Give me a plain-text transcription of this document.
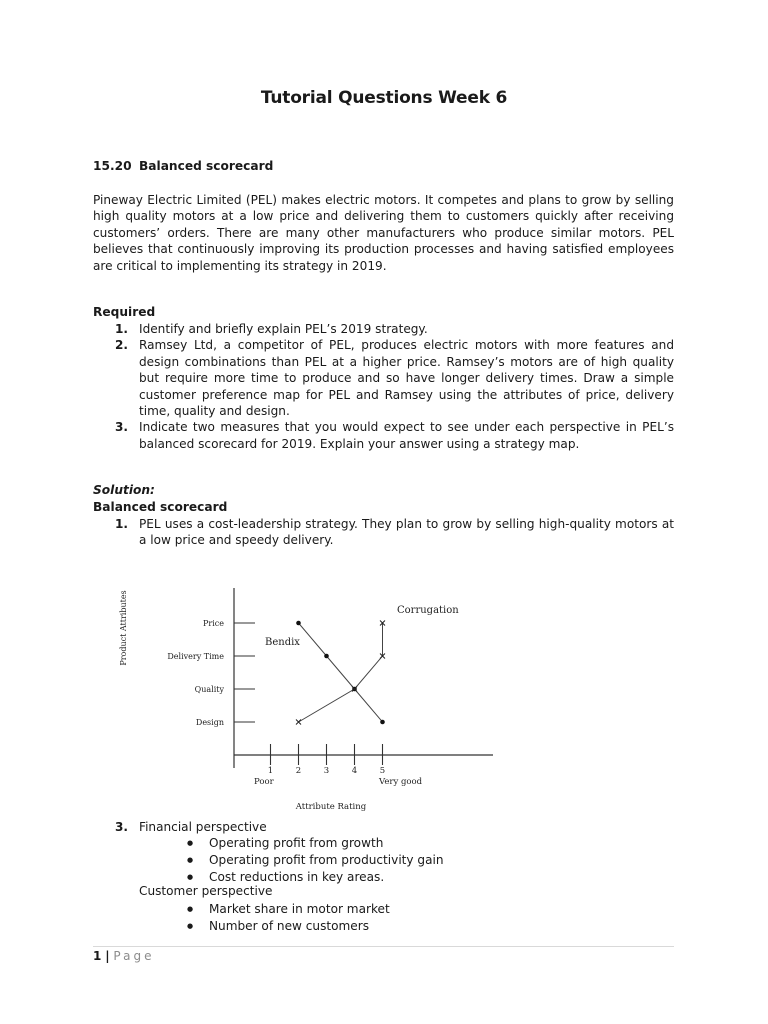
Tutorial Questions Week 6
15.20 Balanced scorecard

Pineway Electric Limited (PEL) makes electric motors. It competes and plans to grow by selling high quality motors at a low price and delivering them to customers quickly after receiving customers’ orders. There are many other manufacturers who produce similar motors. PEL believes that continuously improving its production processes and having satisfied employees are critical to implementing its strategy in 2019.

Required
1. Identify and briefly explain PEL’s 2019 strategy.
2. Ramsey Ltd, a competitor of PEL, produces electric motors with more features and design combinations than PEL at a higher price. Ramsey’s motors are of high quality but require more time to produce and so have longer delivery times. Draw a simple customer preference map for PEL and Ramsey using the attributes of price, delivery time, quality and design.
3. Indicate two measures that you would expect to see under each perspective in PEL’s balanced scorecard for 2019. Explain your answer using a strategy map.
Solution:
Balanced scorecard
1. PEL uses a cost-leadership strategy. They plan to grow by selling high-quality motors at a low price and speedy delivery.
Price
Delivery Time
Quality
Design
1	2	3	4	5
Product Attributes
Attribute Rating
Poor	Very good
Bendix
Corrugation
3. Financial perspective
● Operating profit from growth
● Operating profit from productivity gain
● Cost reductions in key areas.
Customer perspective
● Market share in motor market
● Number of new customers
1 | Page
